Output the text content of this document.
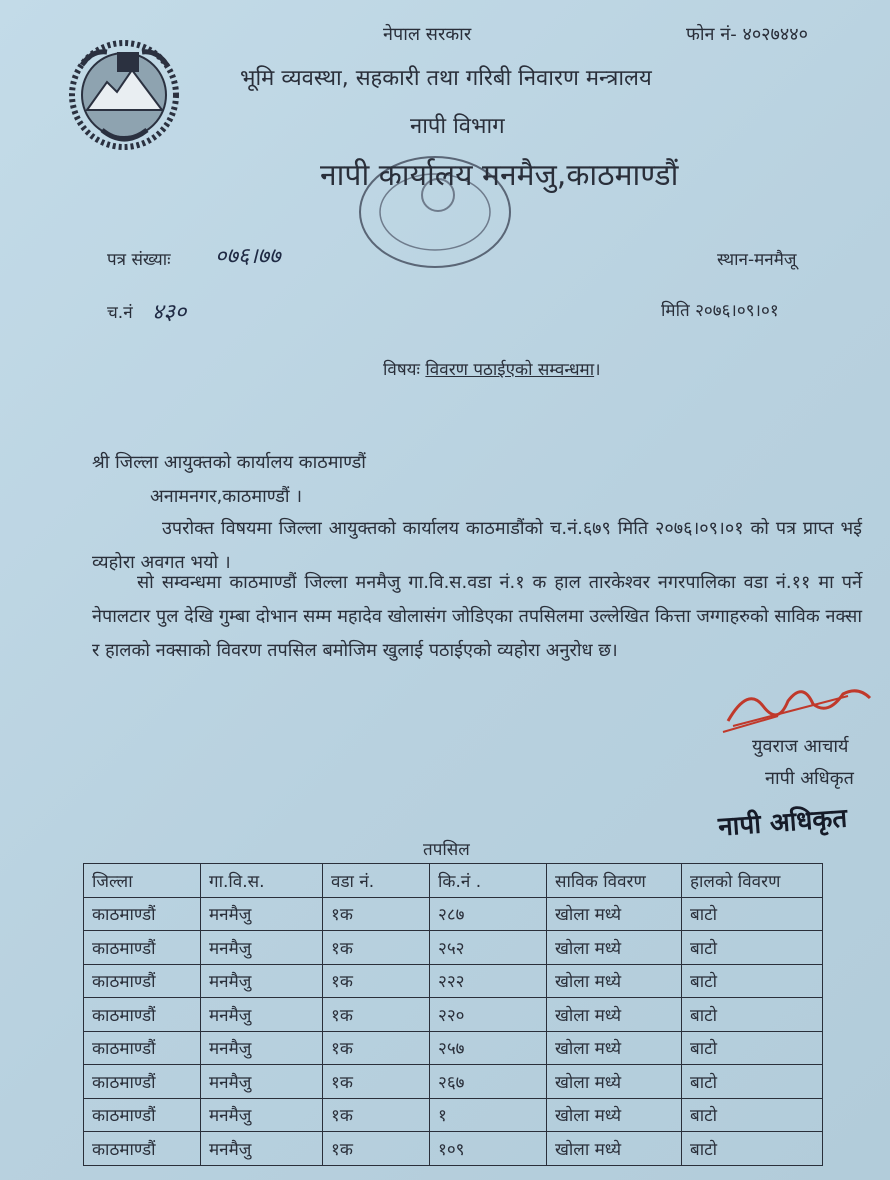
नेपाल सरकार	फोन नं- ४०२७४४०
भूमि व्यवस्था, सहकारी तथा गरिबी निवारण मन्त्रालय
नापी विभाग
नापी कार्यालय मनमैजु,काठमाण्डौं
पत्र संख्याः ०७६।७७	स्थान-मनमैजू
च.नं ४३०	मिति २०७६।०९।०१
विषयः विवरण पठाईएको सम्वन्धमा।
श्री जिल्ला आयुक्तको कार्यालय काठमाण्डौं
अनामनगर,काठमाण्डौं ।
उपरोक्त विषयमा जिल्ला आयुक्तको कार्यालय काठमाडौंको च.नं.६७९ मिति २०७६।०९।०१ को पत्र प्राप्त भई व्यहोरा अवगत भयो ।
सो सम्वन्धमा काठमाण्डौं जिल्ला मनमैजु गा.वि.स.वडा नं.१ क हाल तारकेश्वर नगरपालिका वडा नं.११ मा पर्ने नेपालटार पुल देखि गुम्बा दोभान सम्म महादेव खोलासंग जोडिएका तपसिलमा उल्लेखित कित्ता जग्गाहरुको साविक नक्सा र हालको नक्साको विवरण तपसिल बमोजिम खुलाई पठाईएको व्यहोरा अनुरोध छ।
युवराज आचार्य
नापी अधिकृत
नापी अधिकृत
तपसिल
जिल्ला	गा.वि.स.	वडा नं.	कि.नं .	साविक विवरण	हालको विवरण
काठमाण्डौं	मनमैजु	१क	२८७	खोला मध्ये	बाटो
काठमाण्डौं	मनमैजु	१क	२५२	खोला मध्ये	बाटो
काठमाण्डौं	मनमैजु	१क	२२२	खोला मध्ये	बाटो
काठमाण्डौं	मनमैजु	१क	२२०	खोला मध्ये	बाटो
काठमाण्डौं	मनमैजु	१क	२५७	खोला मध्ये	बाटो
काठमाण्डौं	मनमैजु	१क	२६७	खोला मध्ये	बाटो
काठमाण्डौं	मनमैजु	१क	१	खोला मध्ये	बाटो
काठमाण्डौं	मनमैजु	१क	१०९	खोला मध्ये	बाटो
